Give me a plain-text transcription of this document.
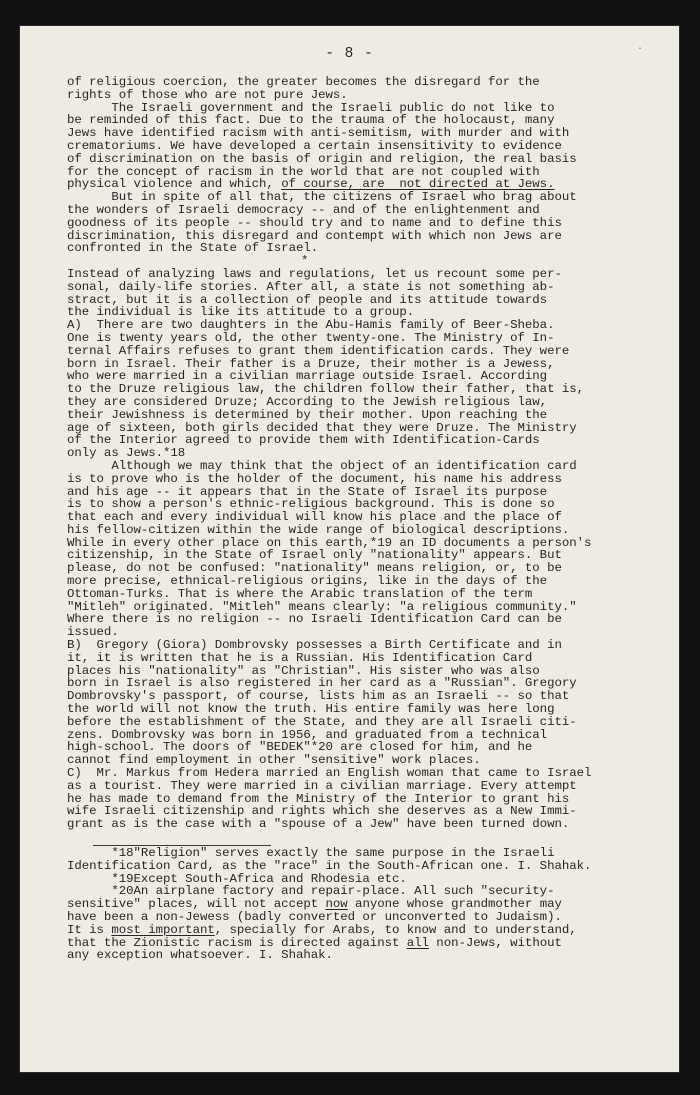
·
- 8 -

of religious coercion, the greater becomes the disregard for the

rights of those who are not pure Jews.

The Israeli government and the Israeli public do not like to

be reminded of this fact. Due to the trauma of the holocaust, many

Jews have identified racism with anti-semitism, with murder and with

crematoriums. We have developed a certain insensitivity to evidence

of discrimination on the basis of origin and religion, the real basis

for the concept of racism in the world that are not coupled with

physical violence and which, of course, are  not directed at Jews.

But in spite of all that, the citizens of Israel who brag about

the wonders of Israeli democracy -- and of the enlightenment and

goodness of its people -- should try and to name and to define this

discrimination, this disregard and contempt with which non Jews are

confronted in the State of Israel.

*

Instead of analyzing laws and regulations, let us recount some per-

sonal, daily-life stories. After all, a state is not something ab-

stract, but it is a collection of people and its attitude towards

the individual is like its attitude to a group.

A)  There are two daughters in the Abu-Hamis family of Beer-Sheba.

One is twenty years old, the other twenty-one. The Ministry of In-

ternal Affairs refuses to grant them identification cards. They were

born in Israel. Their father is a Druze, their mother is a Jewess,

who were married in a civilian marriage outside Israel. According

to the Druze religious law, the children follow their father, that is,

they are considered Druze; According to the Jewish religious law,

their Jewishness is determined by their mother. Upon reaching the

age of sixteen, both girls decided that they were Druze. The Ministry

of the Interior agreed to provide them with Identification-Cards

only as Jews.*18

Although we may think that the object of an identification card

is to prove who is the holder of the document, his name his address

and his age -- it appears that in the State of Israel its purpose

is to show a person's ethnic-religious background. This is done so

that each and every individual will know his place and the place of

his fellow-citizen within the wide range of biological descriptions.

While in every other place on this earth,*19 an ID documents a person's

citizenship, in the State of Israel only "nationality" appears. But

please, do not be confused: "nationality" means religion, or, to be

more precise, ethnical-religious origins, like in the days of the

Ottoman-Turks. That is where the Arabic translation of the term

"Mitleh" originated. "Mitleh" means clearly: "a religious community."

Where there is no religion -- no Israeli Identification Card can be

issued.

B)  Gregory (Giora) Dombrovsky possesses a Birth Certificate and in

it, it is written that he is a Russian. His Identification Card

places his "nationality" as "Christian". His sister who was also

born in Israel is also registered in her card as a "Russian". Gregory

Dombrovsky's passport, of course, lists him as an Israeli -- so that

the world will not know the truth. His entire family was here long

before the establishment of the State, and they are all Israeli citi-

zens. Dombrovsky was born in 1956, and graduated from a technical

high-school. The doors of "BEDEK"*20 are closed for him, and he

cannot find employment in other "sensitive" work places.

C)  Mr. Markus from Hedera married an English woman that came to Israel

as a tourist. They were married in a civilian marriage. Every attempt

he has made to demand from the Ministry of the Interior to grant his

wife Israeli citizenship and rights which she deserves as a New Immi-

grant as is the case with a "spouse of a Jew" have been turned down.

*18"Religion" serves exactly the same purpose in the Israeli

Identification Card, as the "race" in the South-African one. I. Shahak.

*19Except South-Africa and Rhodesia etc.

*20An airplane factory and repair-place. All such "security-

sensitive" places, will not accept now anyone whose grandmother may

have been a non-Jewess (badly converted or unconverted to Judaism).

It is most important, specially for Arabs, to know and to understand,

that the Zionistic racism is directed against all non-Jews, without

any exception whatsoever. I. Shahak.
